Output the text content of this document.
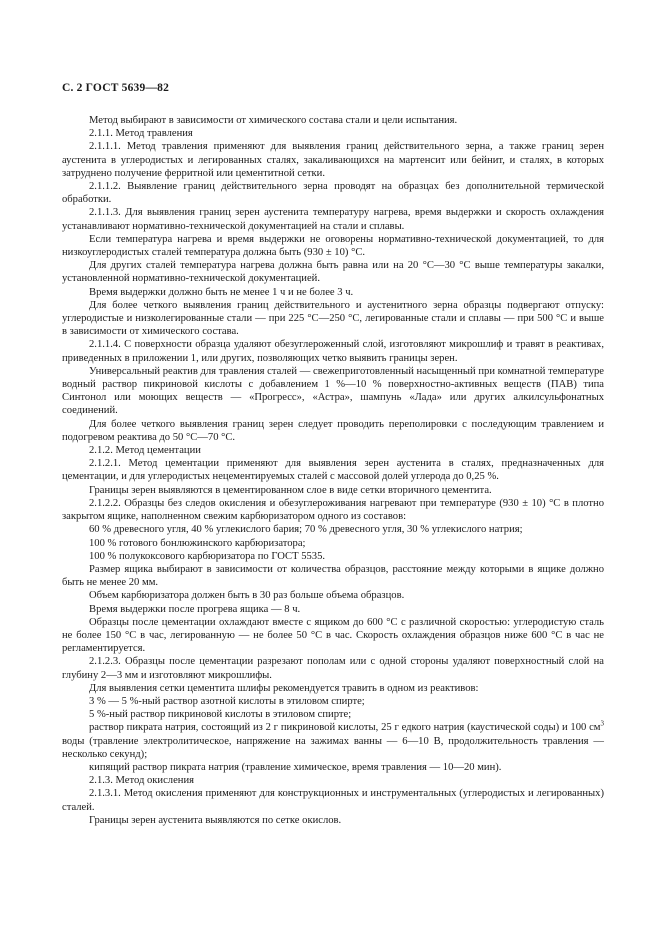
С. 2 ГОСТ 5639—82

Метод выбирают в зависимости от химического состава стали и цели испытания.

2.1.1. Метод травления

2.1.1.1. Метод травления применяют для выявления границ действительного зерна, а также границ зерен аустенита в углеродистых и легированных сталях, закаливающихся на мартенсит или бейнит, и сталях, в которых затруднено получение ферритной или цементитной сетки.

2.1.1.2. Выявление границ действительного зерна проводят на образцах без дополнительной термической обработки.

2.1.1.3. Для выявления границ зерен аустенита температуру нагрева, время выдержки и скорость охлаждения устанавливают нормативно-технической документацией на стали и сплавы.

Если температура нагрева и время выдержки не оговорены нормативно-технической документацией, то для низкоуглеродистых сталей температура должна быть (930 ± 10) °С.

Для других сталей температура нагрева должна быть равна или на 20 °С—30 °С выше температуры закалки, установленной нормативно-технической документацией.

Время выдержки должно быть не менее 1 ч и не более 3 ч.

Для более четкого выявления границ действительного и аустенитного зерна образцы подвергают отпуску: углеродистые и низколегированные стали — при 225 °С—250 °С, легированные стали и сплавы — при 500 °С и выше в зависимости от химического состава.

2.1.1.4. С поверхности образца удаляют обезуглероженный слой, изготовляют микрошлиф и травят в реактивах, приведенных в приложении 1, или других, позволяющих четко выявить границы зерен.

Универсальный реактив для травления сталей — свежеприготовленный насыщенный при комнатной температуре водный раствор пикриновой кислоты с добавлением 1 %—10 % поверхностно-активных веществ (ПАВ) типа Синтонол или моющих веществ — «Прогресс», «Астра», шампунь «Лада» или других алкилсульфонатных соединений.

Для более четкого выявления границ зерен следует проводить переполировки с последующим травлением и подогревом реактива до 50 °С—70 °С.

2.1.2. Метод цементации

2.1.2.1. Метод цементации применяют для выявления зерен аустенита в сталях, предназначенных для цементации, и для углеродистых нецементируемых сталей с массовой долей углерода до 0,25 %.

Границы зерен выявляются в цементированном слое в виде сетки вторичного цементита.

2.1.2.2. Образцы без следов окисления и обезуглероживания нагревают при температуре (930 ± 10) °С в плотно закрытом ящике, наполненном свежим карбюризатором одного из составов:

60 % древесного угля, 40 % углекислого бария; 70 % древесного угля, 30 % углекислого натрия;

100 % готового бонлюжинского карбюризатора;

100 % полукоксового карбюризатора по ГОСТ 5535.

Размер ящика выбирают в зависимости от количества образцов, расстояние между которыми в ящике должно быть не менее 20 мм.

Объем карбюризатора должен быть в 30 раз больше объема образцов.

Время выдержки после прогрева ящика — 8 ч.

Образцы после цементации охлаждают вместе с ящиком до 600 °С с различной скоростью: углеродистую сталь не более 150 °С в час, легированную — не более 50 °С в час. Скорость охлаждения образцов ниже 600 °С в час не регламентируется.

2.1.2.3. Образцы после цементации разрезают пополам или с одной стороны удаляют поверхностный слой на глубину 2—3 мм и изготовляют микрошлифы.

Для выявления сетки цементита шлифы рекомендуется травить в одном из реактивов:

3 % — 5 %-ный раствор азотной кислоты в этиловом спирте;

5 %-ный раствор пикриновой кислоты в этиловом спирте;

раствор пикрата натрия, состоящий из 2 г пикриновой кислоты, 25 г едкого натрия (каустической соды) и 100 $см^3$ воды (травление электролитическое, напряжение на зажимах ванны — 6—10 В, продолжительность травления — несколько секунд);

кипящий раствор пикрата натрия (травление химическое, время травления — 10—20 мин).

2.1.3. Метод окисления

2.1.3.1. Метод окисления применяют для конструкционных и инструментальных (углеродистых и легированных) сталей.

Границы зерен аустенита выявляются по сетке окислов.
